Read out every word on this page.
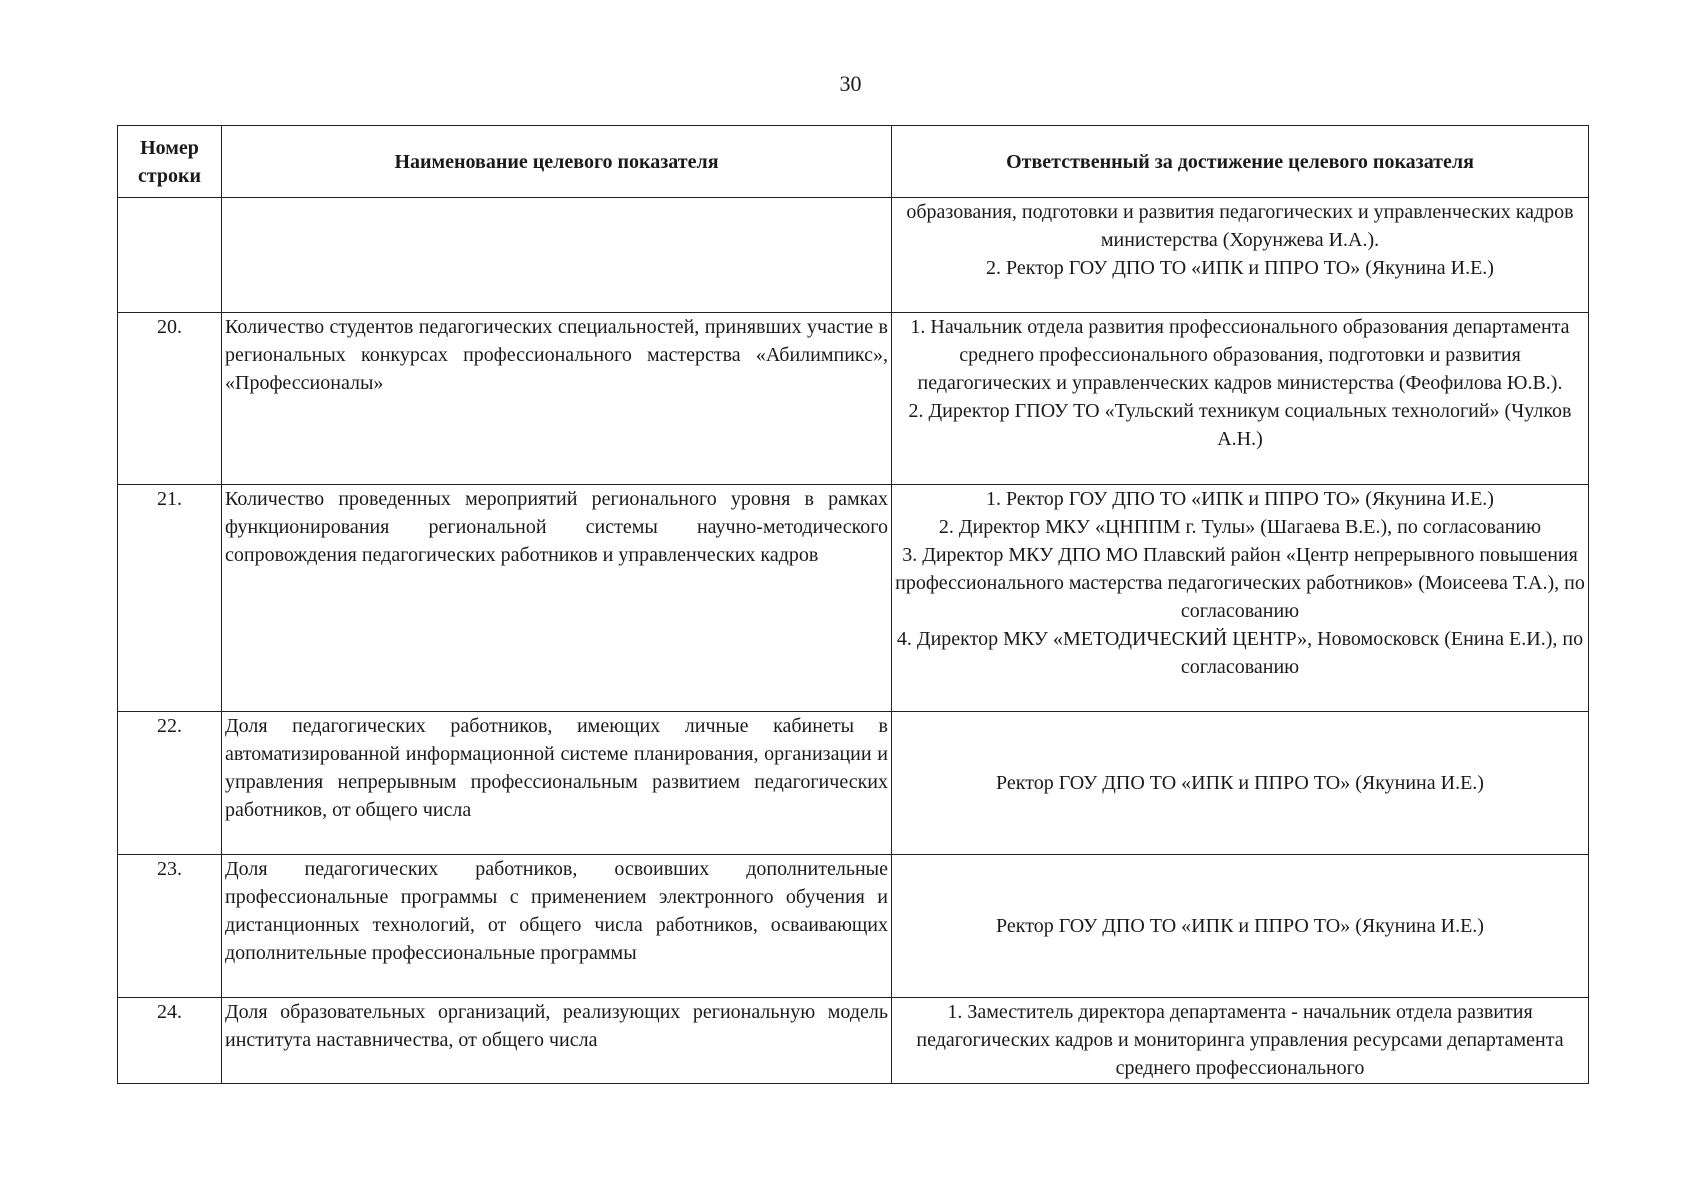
30
Номер строки	Наименование целевого показателя	Ответственный за достижение целевого показателя

		образования, подготовки и развития педагогических и управленческих кадров министерства (Хорунжева И.А.).

2. Ректор ГОУ ДПО ТО «ИПК и ППРО ТО» (Якунина И.Е.)

20.	Количество студентов педагогических специальностей, принявших участие в региональных конкурсах профессионального мастерства «Абилимпикс», «Профессионалы»	1. Начальник отдела развития профессионального образования департамента среднего профессионального образования, подготовки и развития педагогических и управленческих кадров министерства (Феофилова Ю.В.).

2. Директор ГПОУ ТО «Тульский техникум социальных технологий» (Чулков А.Н.)

21.	Количество проведенных мероприятий регионального уровня в рамках функционирования региональной системы научно-методического сопровождения педагогических работников и управленческих кадров	1. Ректор ГОУ ДПО ТО «ИПК и ППРО ТО» (Якунина И.Е.)

2. Директор МКУ «ЦНППМ г. Тулы» (Шагаева В.Е.), по согласованию

3. Директор МКУ ДПО МО Плавский район «Центр непрерывного повышения профессионального мастерства педагогических работников» (Моисеева Т.А.), по согласованию

4. Директор МКУ «МЕТОДИЧЕСКИЙ ЦЕНТР», Новомосковск (Енина Е.И.), по согласованию

22.	Доля педагогических работников, имеющих личные кабинеты в автоматизированной информационной системе планирования, организации и управления непрерывным профессиональным развитием педагогических работников, от общего числа	Ректор ГОУ ДПО ТО «ИПК и ППРО ТО» (Якунина И.Е.)

23.	Доля педагогических работников, освоивших дополнительные профессиональные программы с применением электронного обучения и дистанционных технологий, от общего числа работников, осваивающих дополнительные профессиональные программы	Ректор ГОУ ДПО ТО «ИПК и ППРО ТО» (Якунина И.Е.)

24.	Доля образовательных организаций, реализующих региональную модель института наставничества, от общего числа	1. Заместитель директора департамента - начальник отдела развития педагогических кадров и мониторинга управления ресурсами департамента среднего профессионального
